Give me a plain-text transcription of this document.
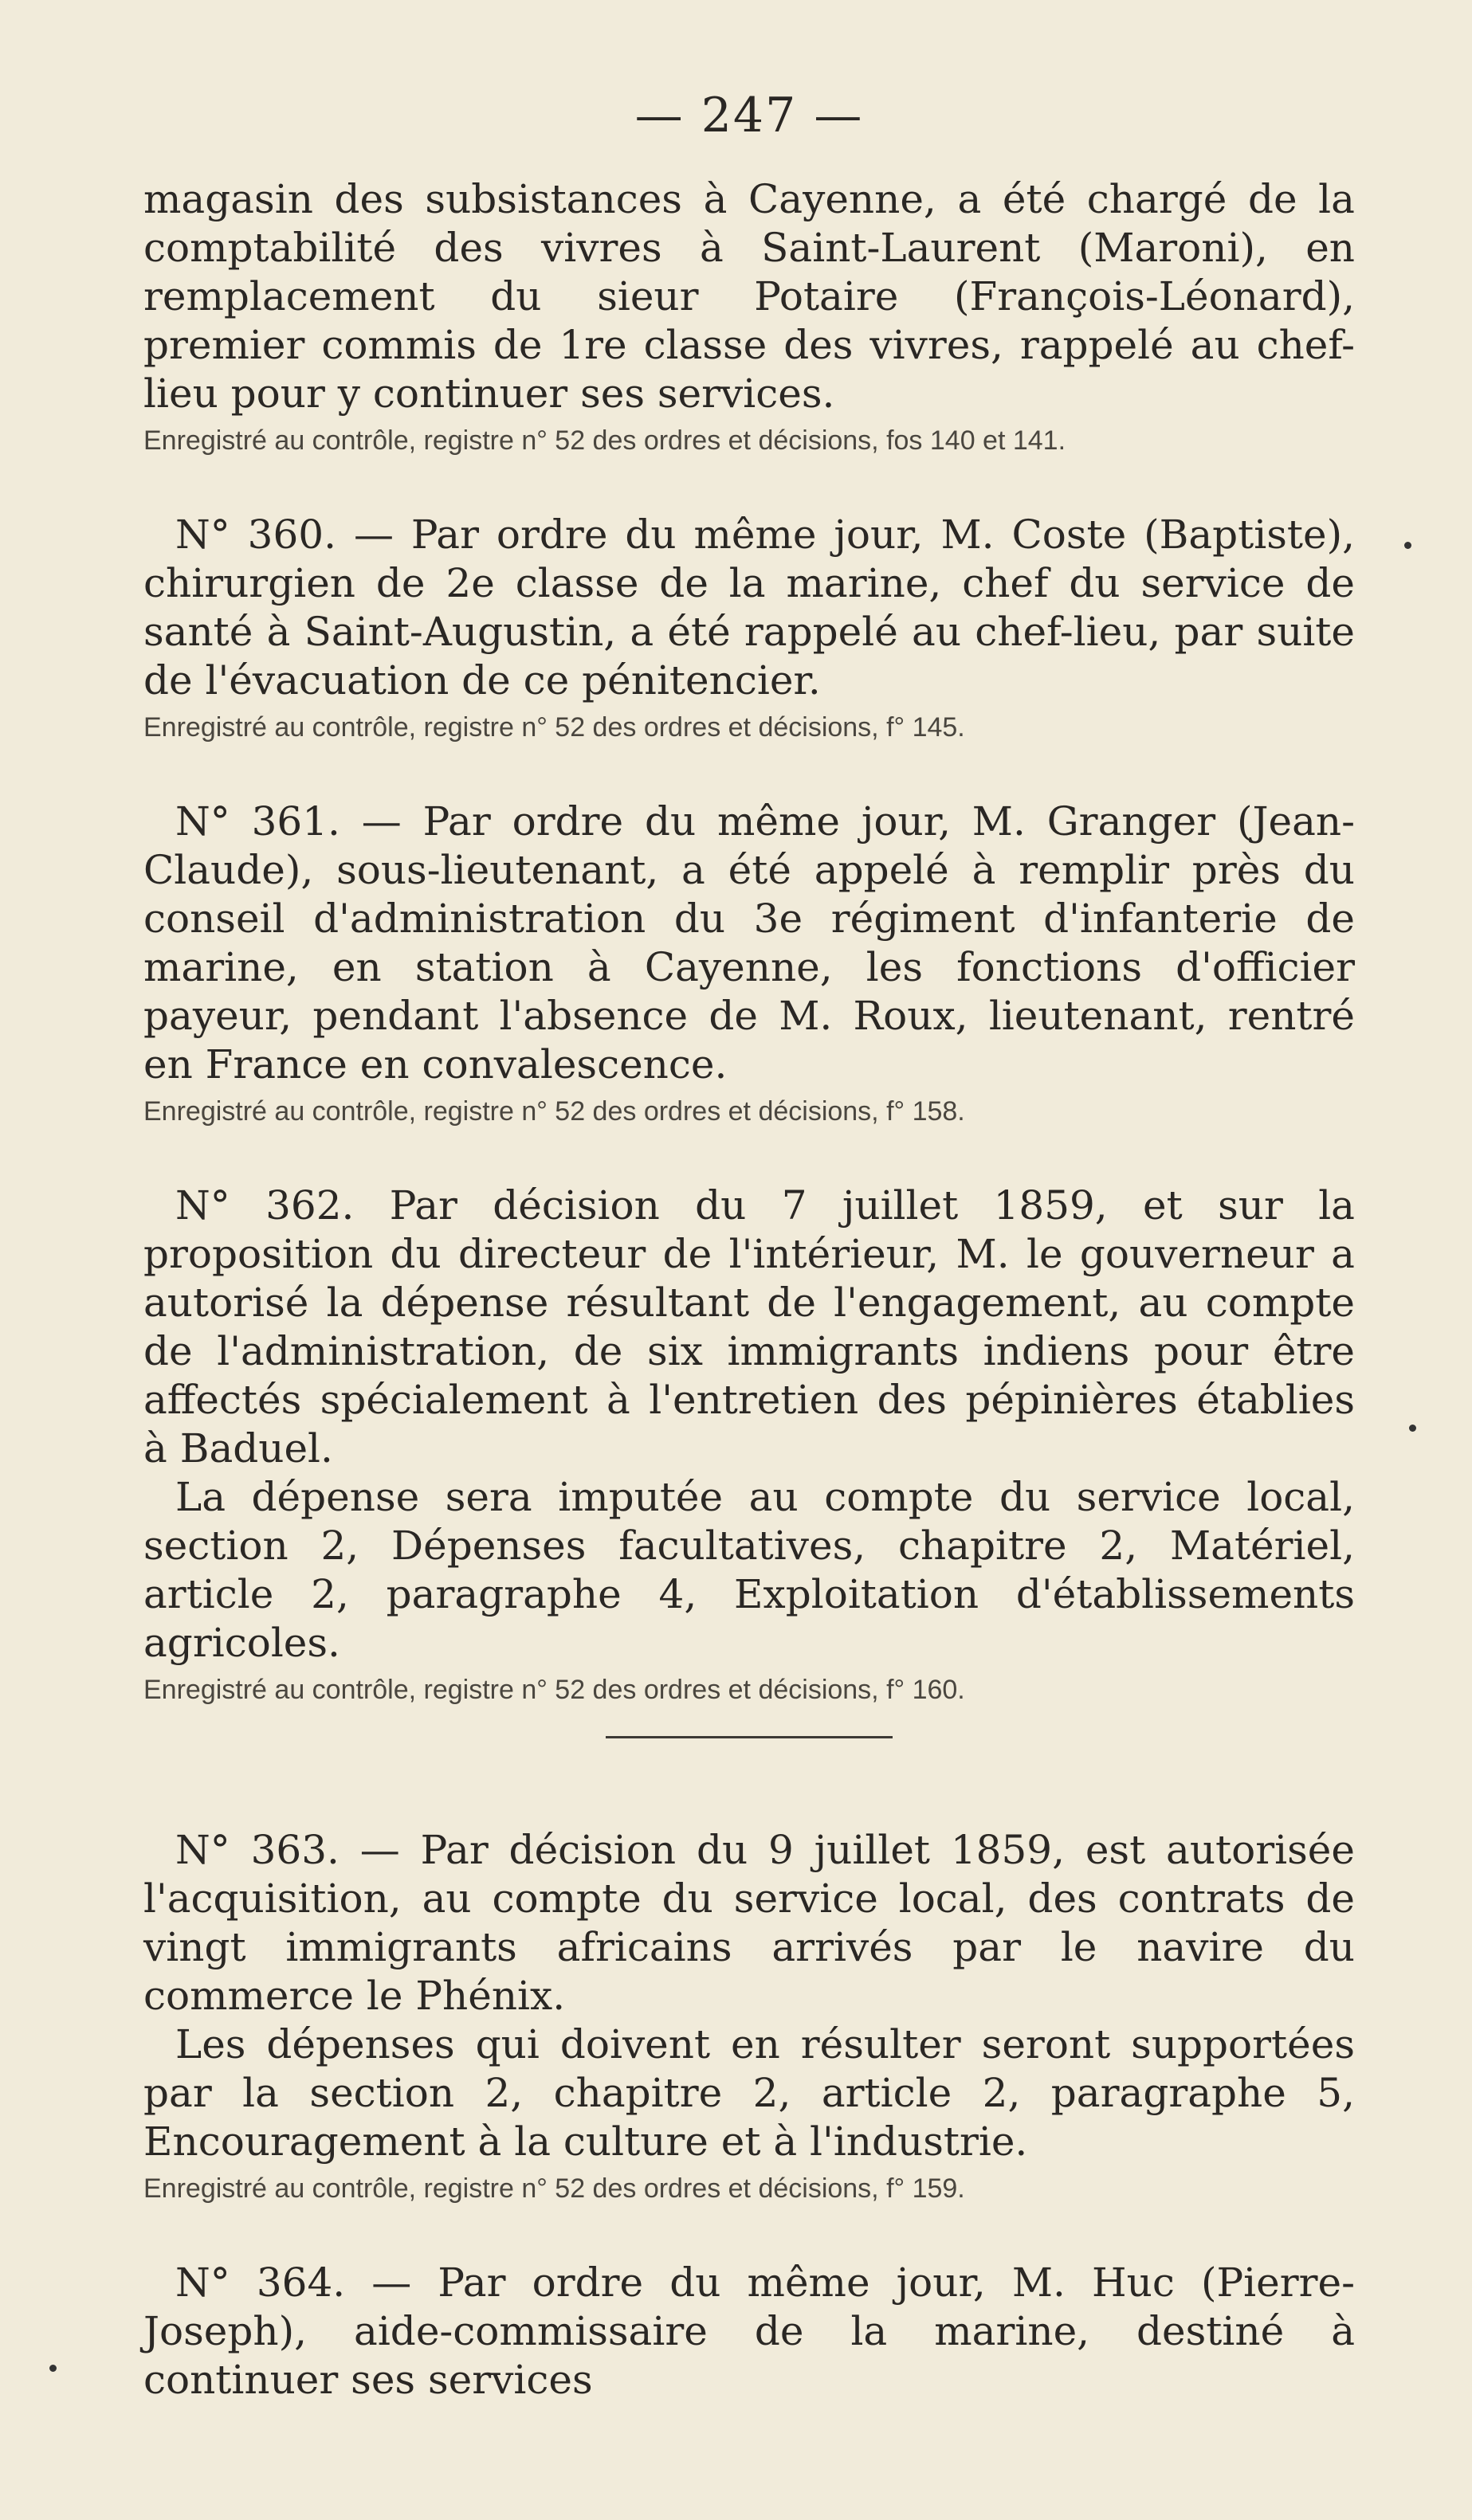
— 247 —

magasin des subsistances à Cayenne, a été chargé de la comptabilité des vivres à Saint-Laurent (Maroni), en remplacement du sieur Potaire (François-Léonard), premier commis de 1re classe des vivres, rappelé au chef-lieu pour y continuer ses services.

Enregistré au contrôle, registre n° 52 des ordres et décisions, fos 140 et 141.

N° 360. — Par ordre du même jour, M. Coste (Baptiste), chirurgien de 2e classe de la marine, chef du service de santé à Saint-Augustin, a été rappelé au chef-lieu, par suite de l'évacuation de ce pénitencier.

Enregistré au contrôle, registre n° 52 des ordres et décisions, f° 145.

N° 361. — Par ordre du même jour, M. Granger (Jean-Claude), sous-lieutenant, a été appelé à remplir près du conseil d'administration du 3e régiment d'infanterie de marine, en station à Cayenne, les fonctions d'officier payeur, pendant l'absence de M. Roux, lieutenant, rentré en France en convalescence.

Enregistré au contrôle, registre n° 52 des ordres et décisions, f° 158.

N° 362. Par décision du 7 juillet 1859, et sur la proposition du directeur de l'intérieur, M. le gouverneur a autorisé la dépense résultant de l'engagement, au compte de l'administration, de six immigrants indiens pour être affectés spécialement à l'entretien des pépinières établies à Baduel.

La dépense sera imputée au compte du service local, section 2, Dépenses facultatives, chapitre 2, Matériel, article 2, paragraphe 4, Exploitation d'établissements agricoles.

Enregistré au contrôle, registre n° 52 des ordres et décisions, f° 160.

N° 363. — Par décision du 9 juillet 1859, est autorisée l'acquisition, au compte du service local, des contrats de vingt immigrants africains arrivés par le navire du commerce le Phénix.

Les dépenses qui doivent en résulter seront supportées par la section 2, chapitre 2, article 2, paragraphe 5, Encouragement à la culture et à l'industrie.

Enregistré au contrôle, registre n° 52 des ordres et décisions, f° 159.

N° 364. — Par ordre du même jour, M. Huc (Pierre-Joseph), aide-commissaire de la marine, destiné à continuer ses services
